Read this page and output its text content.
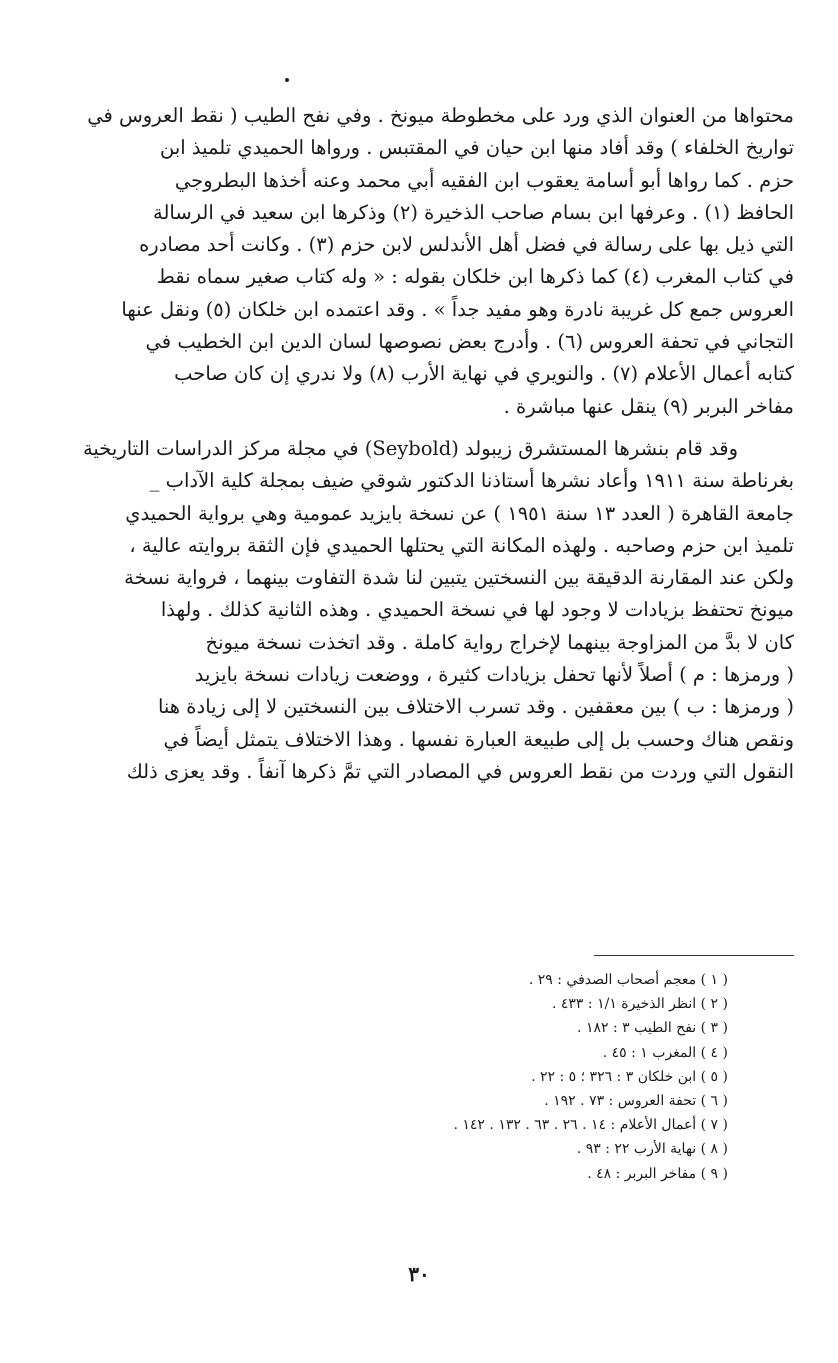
محتواها من العنوان الذي ورد على مخطوطة ميونخ . وفي نفح الطيب ( نقط العروس في
تواريخ الخلفاء ) وقد أفاد منها ابن حيان في المقتبس . ورواها الحميدي تلميذ ابن
حزم . كما رواها أبو أسامة يعقوب ابن الفقيه أبي محمد وعنه أخذها البطروجي
الحافظ (١) . وعرفها ابن بسام صاحب الذخيرة (٢) وذكرها ابن سعيد في الرسالة
التي ذيل بها على رسالة في فضل أهل الأندلس لابن حزم (٣) . وكانت أحد مصادره
في كتاب المغرب (٤) كما ذكرها ابن خلكان بقوله : « وله كتاب صغير سماه نقط
العروس جمع كل غريبة نادرة وهو مفيد جداً » . وقد اعتمده ابن خلكان (٥) ونقل عنها
التجاني في تحفة العروس (٦) . وأدرج بعض نصوصها لسان الدين ابن الخطيب في
كتابه أعمال الأعلام (٧) . والنويري في نهاية الأرب (٨) ولا ندري إن كان صاحب
مفاخر البربر (٩) ينقل عنها مباشرة .

وقد قام بنشرها المستشرق زيبولد (Seybold) في مجلة مركز الدراسات التاريخية
بغرناطة سنة ١٩١١ وأعاد نشرها أستاذنا الدكتور شوقي ضيف بمجلة كلية الآداب _
جامعة القاهرة ( العدد ١٣ سنة ١٩٥١ ) عن نسخة بايزيد عمومية وهي برواية الحميدي
تلميذ ابن حزم وصاحبه . ولهذه المكانة التي يحتلها الحميدي فإن الثقة بروايته عالية ،
ولكن عند المقارنة الدقيقة بين النسختين يتبين لنا شدة التفاوت بينهما ، فرواية نسخة
ميونخ تحتفظ بزيادات لا وجود لها في نسخة الحميدي . وهذه الثانية كذلك . ولهذا
كان لا بدَّ من المزاوجة بينهما لإخراج رواية كاملة . وقد اتخذت نسخة ميونخ
( ورمزها : م ) أصلاً لأنها تحفل بزيادات كثيرة ، ووضعت زيادات نسخة بايزيد
( ورمزها : ب ) بين معقفين . وقد تسرب الاختلاف بين النسختين لا إلى زيادة هنا
ونقص هناك وحسب بل إلى طبيعة العبارة نفسها . وهذا الاختلاف يتمثل أيضاً في
النقول التي وردت من نقط العروس في المصادر التي تمَّ ذكرها آنفاً . وقد يعزى ذلك

( ١ ) معجم أصحاب الصدفي : ٢٩ .
( ٢ ) انظر الذخيرة ١/١ : ٤٣٣ .
( ٣ ) نفح الطيب ٣ : ١٨٢ .
( ٤ ) المغرب ١ : ٤٥ .
( ٥ ) ابن خلكان ٣ : ٣٢٦ ؛ ٥ : ٢٢ .
( ٦ ) تحفة العروس : ٧٣ . ١٩٢ .
( ٧ ) أعمال الأعلام : ١٤ . ٢٦ . ٦٣ . ١٣٢ . ١٤٢ .
( ٨ ) نهاية الأرب ٢٢ : ٩٣ .
( ٩ ) مفاخر البربر : ٤٨ .
٣٠
